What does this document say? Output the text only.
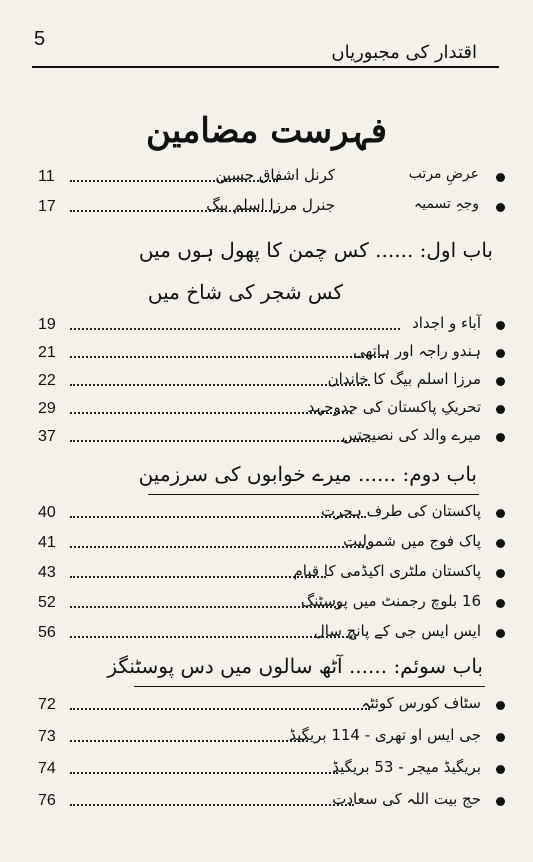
5
اقتدار کی مجبوریاں
فہرست مضامین
11	کرنل اشفاق حسین	عرضِ مرتب
17	جنرل مرزا اسلم بیگ	وجہِ تسمیہ
باب اول: ...... کس چمن کا پھول ہوں میں
کس شجر کی شاخ میں
19	آباء و اجداد
21	ہندو راجہ اور ہاتھی
22	مرزا اسلم بیگ کا خاندان
29	تحریکِ پاکستان کی جدوجہد
37	میرے والد کی نصیحتیں
باب دوم: ...... میرے خوابوں کی سرزمین
40	پاکستان کی طرف ہجرت
41	پاک فوج میں شمولیت
43	پاکستان ملٹری اکیڈمی کا قیام
52	16 بلوچ رجمنٹ میں پوسٹنگ
56	ایس ایس جی کے پانچ سال
باب سوئم: ...... آٹھ سالوں میں دس پوسٹنگز
72	سٹاف کورس کوئٹہ
73	جی ایس او تھری - 114 بریگیڈ
74	بریگیڈ میجر - 53 بریگیڈ
76	حج بیت اللہ کی سعادت
